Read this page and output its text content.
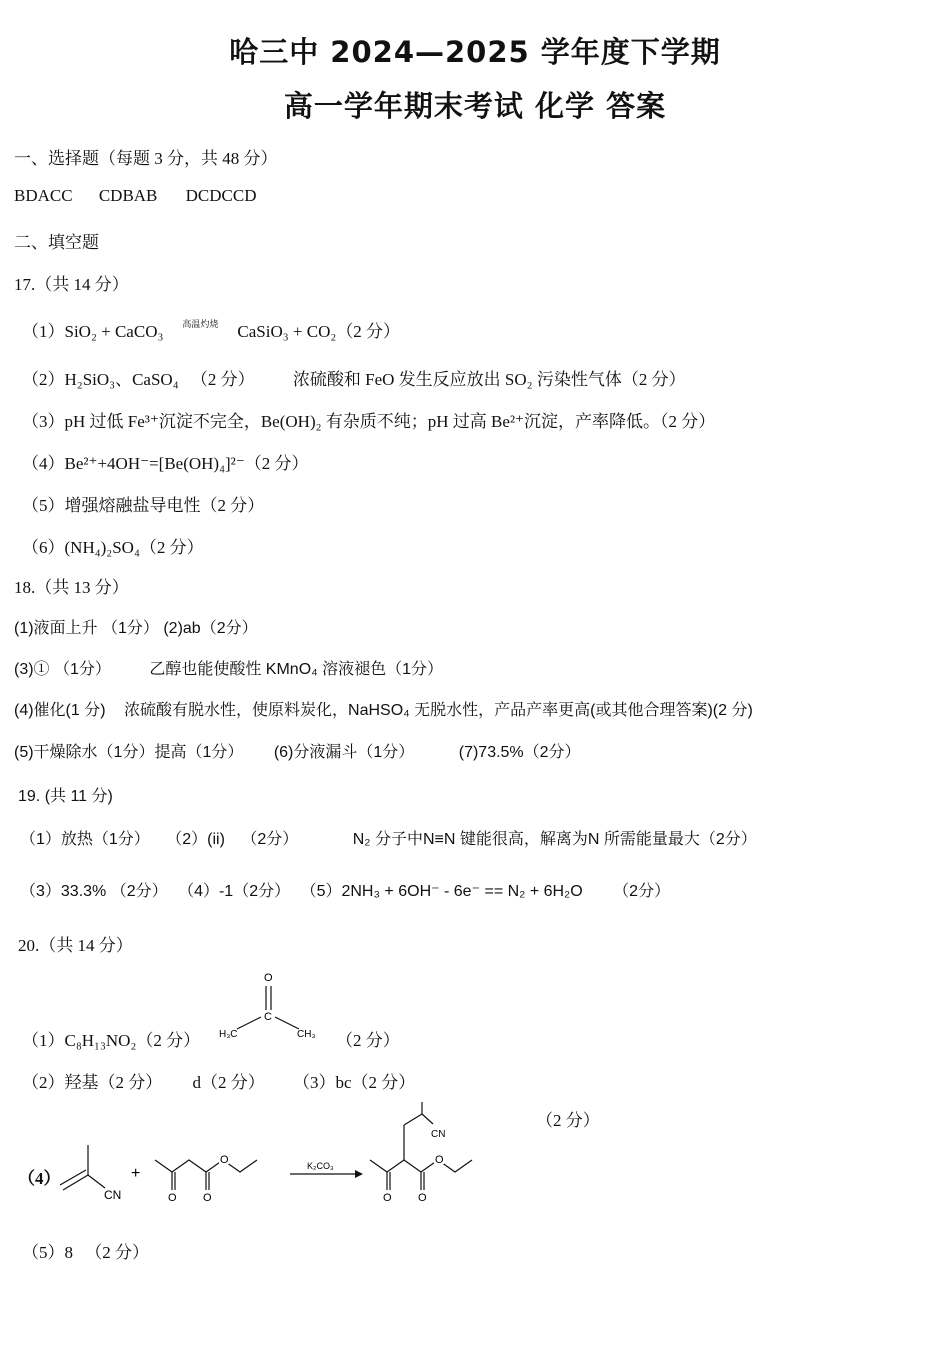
哈三中 2024—2025 学年度下学期
高一学年期末考试 化学 答案
一、选择题（每题 3 分，共 48 分）
BDACC CDBAB DCDCCD
二、填空题
17.（共 14 分）
（1）SiO₂ + CaCO₃	高温灼烧	CaSiO₃ + CO₂（2 分）
（2）H₂SiO₃、CaSO₄ （2 分） 浓硫酸和 FeO 发生反应放出 SO₂ 污染性气体（2 分）
（3）pH 过低 Fe³⁺沉淀不完全，Be(OH)₂ 有杂质不纯；pH 过高 Be²⁺沉淀，产率降低。（2 分）
（4）Be²⁺+4OH⁻=[Be(OH)₄]²⁻（2 分）
（5）增强熔融盐导电性（2 分）
（6）(NH₄)₂SO₄（2 分）
18.（共 13 分）
(1)液面上升 （1分） (2)ab（2分）
(3)① （1分） 乙醇也能使酸性 KMnO₄ 溶液褪色（1分）
(4)催化(1 分) 浓硫酸有脱水性，使原料炭化，NaHSO₄ 无脱水性，产品产率更高(或其他合理答案)(2 分)
(5)干燥除水（1分）提高（1分） (6)分液漏斗（1分）	(7)73.5%（2分）
19. (共 11 分)
（1）放热（1分） （2）(ii) （2分）	N₂ 分子中N≡N 键能很高，解离为N 所需能量最大（2分）
（3）33.3% （2分） （4）-1（2分） （5）2NH₃ + 6OH⁻ - 6e⁻ == N₂ + 6H₂O （2分）
20.（共 14 分）
（1）C₈H₁₃NO₂（2 分）
O
C
H₃C	CH₃ （2 分）
（2）羟基（2 分） d（2 分） （3）bc（2 分）
（2 分）
（4）
CN
+
O
O O
K₂CO₃	O
O O
CN
（5）8 （2 分）
